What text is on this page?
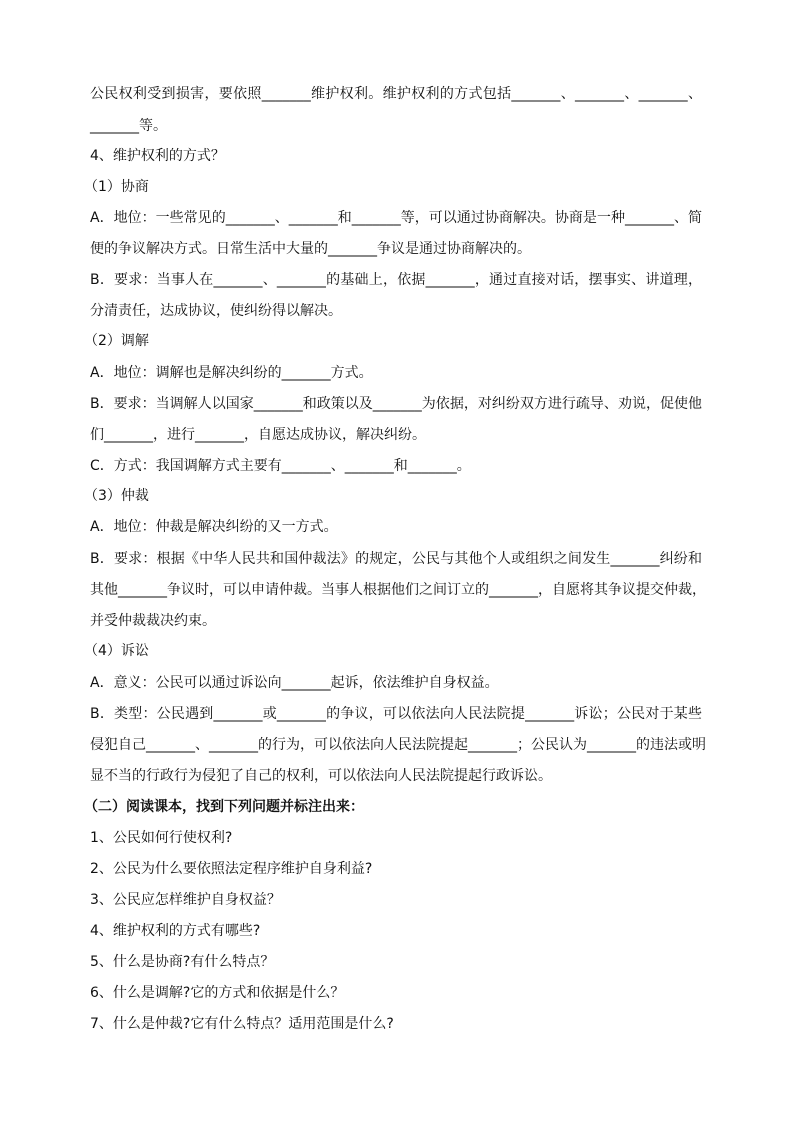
公民权利受到损害，要依照_______维护权利。维护权利的方式包括_______、_______、_______、
_______等。
4、维护权利的方式？
（1）协商
A．地位：一些常见的_______、_______和_______等，可以通过协商解决。协商是一种_______、简
便的争议解决方式。日常生活中大量的_______争议是通过协商解决的。
B．要求：当事人在_______、_______的基础上，依据_______，通过直接对话，摆事实、讲道理，
分清责任，达成协议，使纠纷得以解决。
（2）调解
A．地位：调解也是解决纠纷的_______方式。
B．要求：当调解人以国家_______和政策以及_______为依据，对纠纷双方进行疏导、劝说，促使他
们_______，进行_______，自愿达成协议，解决纠纷。
C．方式：我国调解方式主要有_______、_______和_______。
（3）仲裁
A．地位：仲裁是解决纠纷的又一方式。
B．要求：根据《中华人民共和国仲裁法》的规定，公民与其他个人或组织之间发生_______纠纷和
其他_______争议时，可以申请仲裁。当事人根据他们之间订立的_______，自愿将其争议提交仲裁，
并受仲裁裁决约束。
（4）诉讼
A．意义：公民可以通过诉讼向_______起诉，依法维护自身权益。
B．类型：公民遇到_______或_______的争议，可以依法向人民法院提_______诉讼；公民对于某些
侵犯自己_______、_______的行为，可以依法向人民法院提起_______；公民认为_______的违法或明
显不当的行政行为侵犯了自己的权利，可以依法向人民法院提起行政诉讼。
（二）阅读课本，找到下列问题并标注出来：
1、公民如何行使权利?
2、公民为什么要依照法定程序维护自身利益?
3、公民应怎样维护自身权益？
4、维护权利的方式有哪些?
5、什么是协商?有什么特点？
6、什么是调解?它的方式和依据是什么？
7、什么是仲裁?它有什么特点？适用范围是什么?
